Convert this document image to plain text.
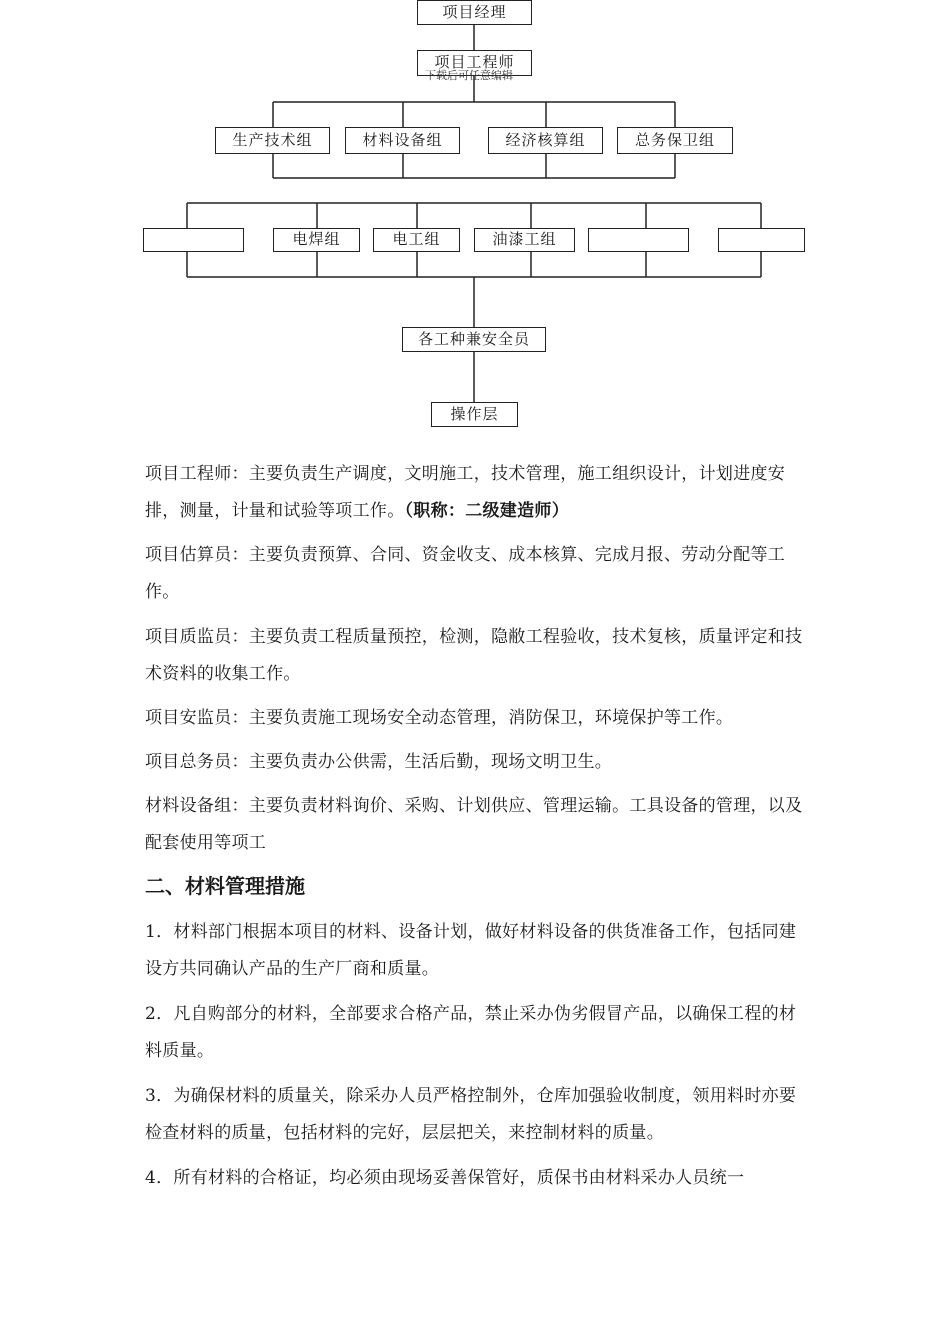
项目经理
项目工程师
下载后可任意编辑
生产技术组	材料设备组	经济核算组	总务保卫组
电焊组	电工组	油漆工组
各工种兼安全员
操作层

项目工程师：主要负责生产调度，文明施工，技术管理，施工组织设计，计划进度安排，测量，计量和试验等项工作。（职称：二级建造师）

项目估算员：主要负责预算、合同、资金收支、成本核算、完成月报、劳动分配等工作。

项目质监员：主要负责工程质量预控，检测，隐敝工程验收，技术复核，质量评定和技术资料的收集工作。

项目安监员：主要负责施工现场安全动态管理，消防保卫，环境保护等工作。

项目总务员：主要负责办公供需，生活后勤，现场文明卫生。

材料设备组：主要负责材料询价、采购、计划供应、管理运输。工具设备的管理，以及配套使用等项工

二、材料管理措施

1．材料部门根据本项目的材料、设备计划，做好材料设备的供货准备工作，包括同建设方共同确认产品的生产厂商和质量。

2．凡自购部分的材料，全部要求合格产品，禁止采办伪劣假冒产品，以确保工程的材料质量。

3．为确保材料的质量关，除采办人员严格控制外，仓库加强验收制度，领用料时亦要检查材料的质量，包括材料的完好，层层把关，来控制材料的质量。

4．所有材料的合格证，均必须由现场妥善保管好，质保书由材料采办人员统一
